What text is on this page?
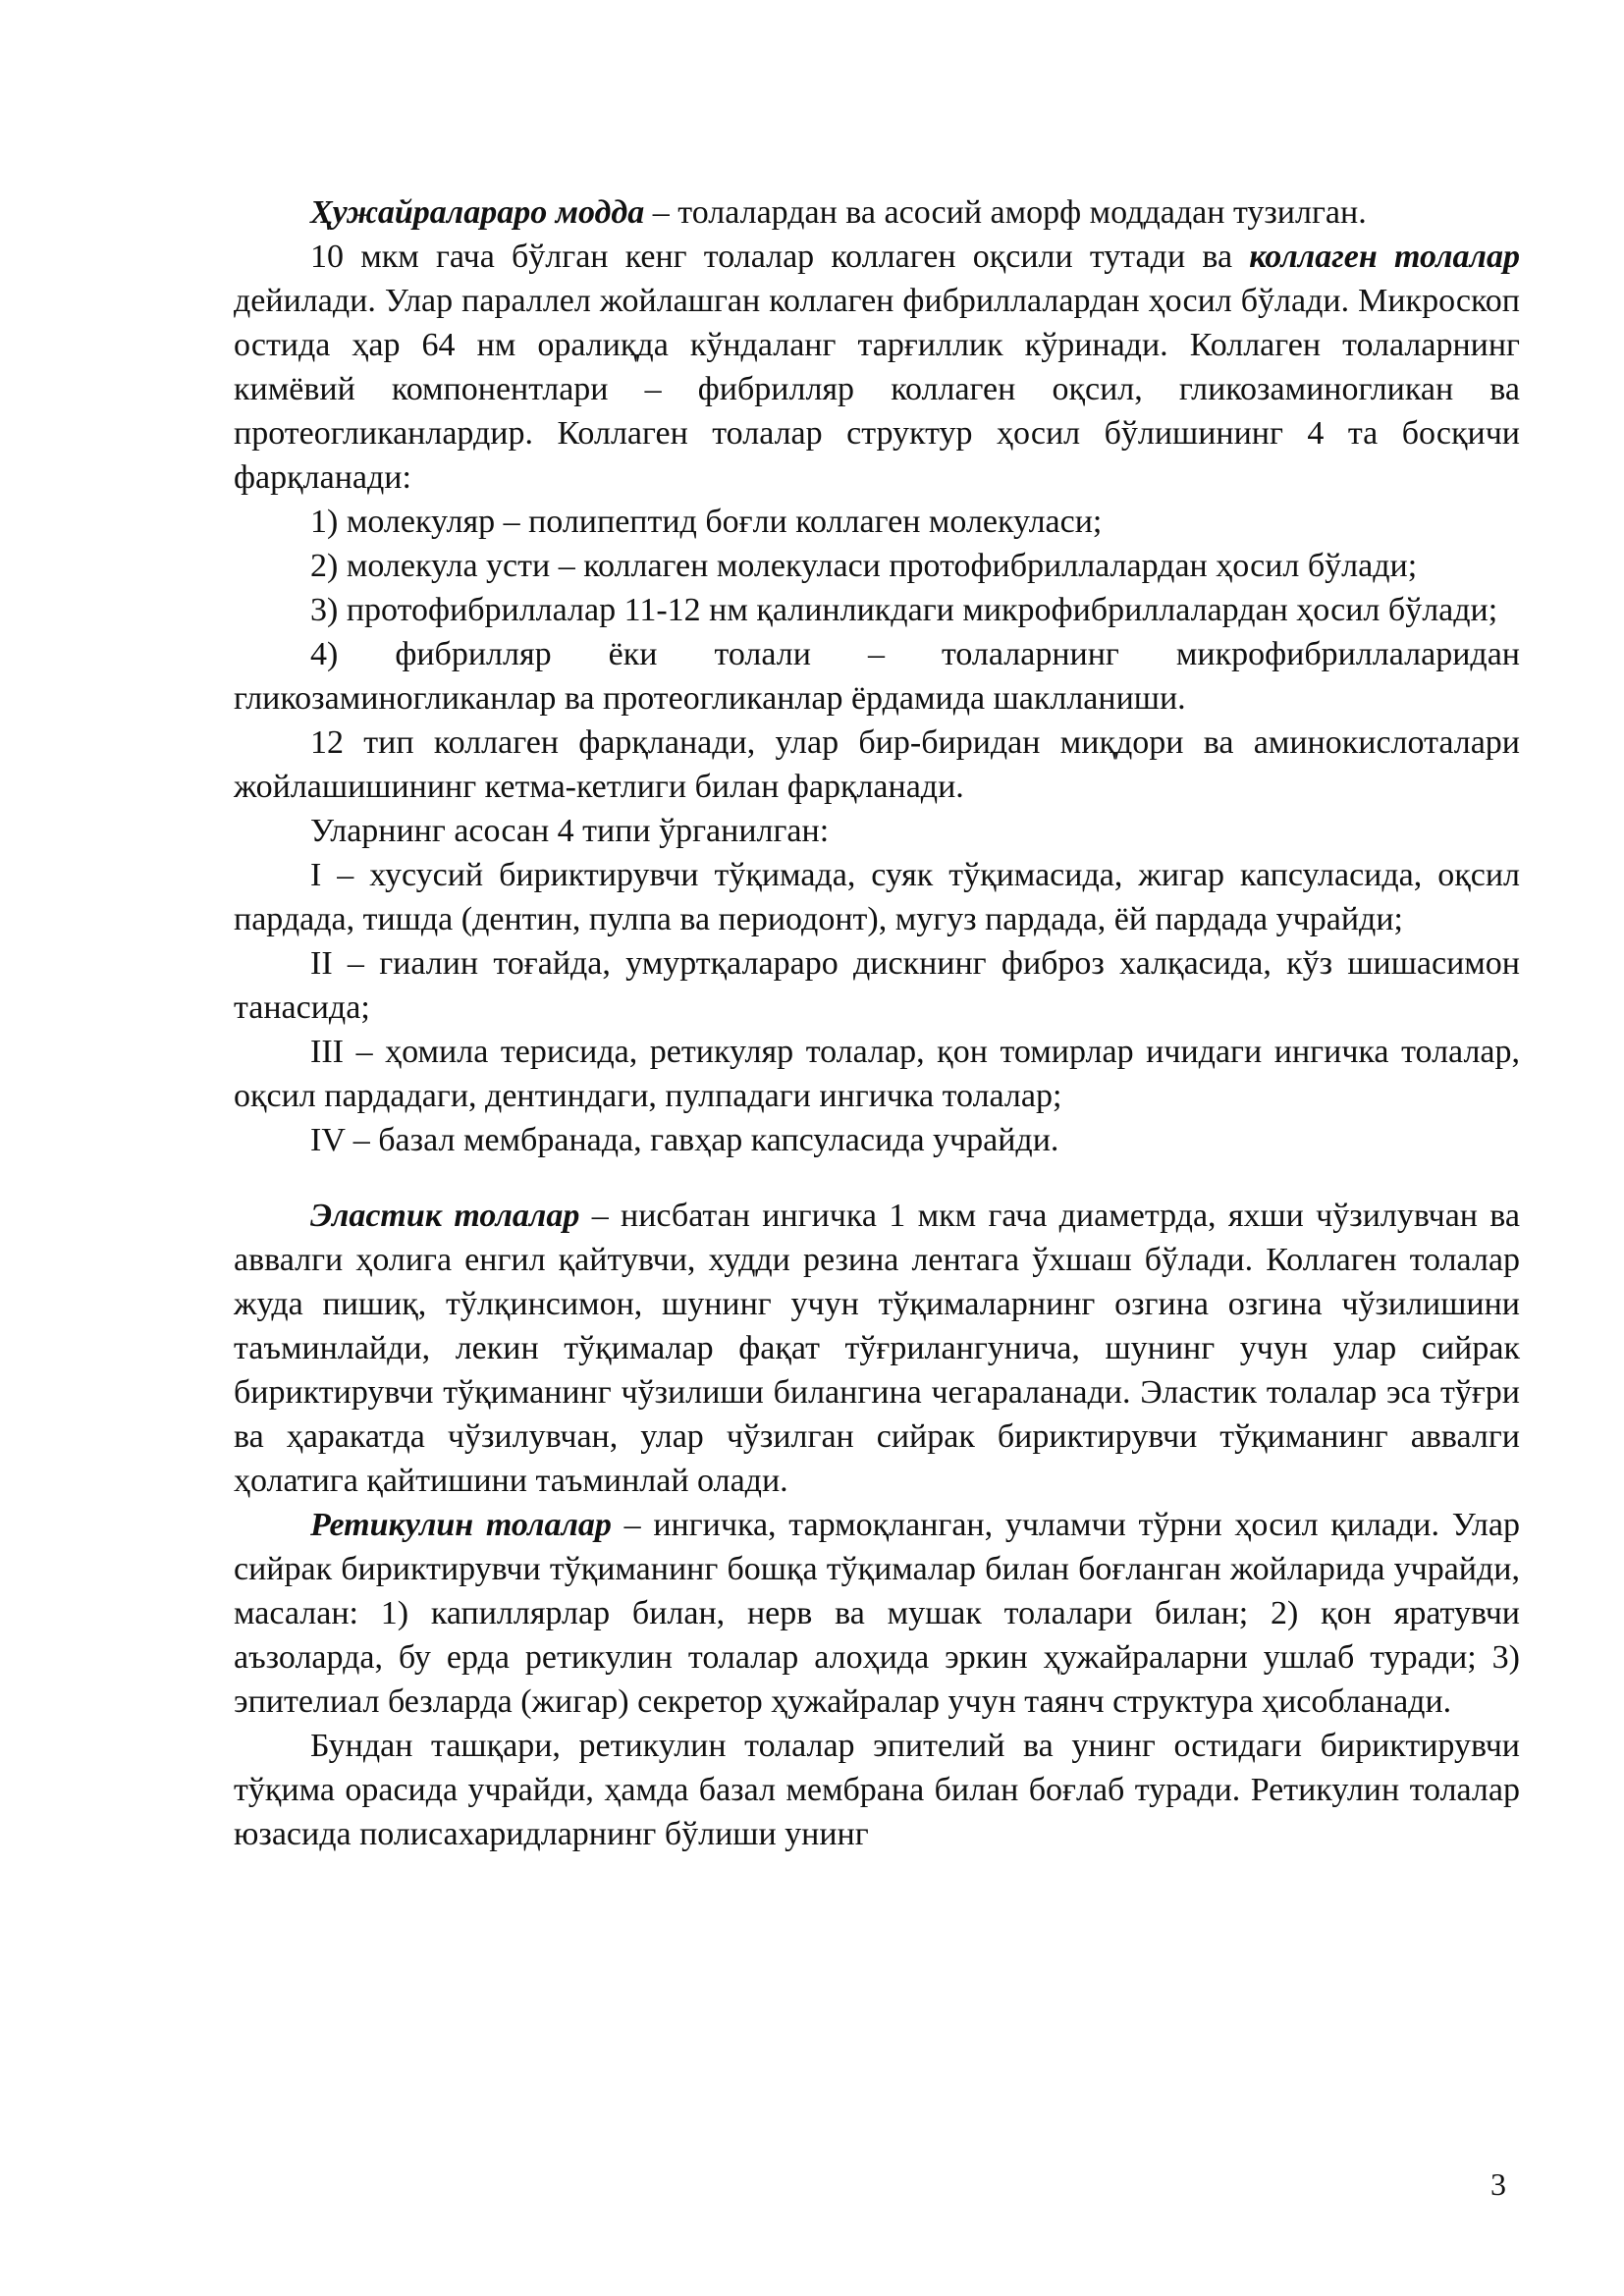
Ҳужайралараро модда – толалардан ва асосий аморф моддадан тузилган.

10 мкм гача бўлган кенг толалар коллаген оқсили тутади ва коллаген толалар дейилади. Улар параллел жойлашган коллаген фибриллалардан ҳосил бўлади. Микроскоп остида ҳар 64 нм оралиқда кўндаланг тарғиллик кўринади. Коллаген толаларнинг кимёвий компонентлари – фибрилляр коллаген оқсил, гликозаминогликан ва протеогликанлардир. Коллаген толалар структур ҳосил бўлишининг 4 та босқичи фарқланади:

1) молекуляр – полипептид боғли коллаген молекуласи;

2) молекула усти – коллаген молекуласи протофибриллалардан ҳосил бўлади;

3) протофибриллалар 11-12 нм қалинликдаги микрофибриллалардан ҳосил бўлади;

4) фибрилляр ёки толали – толаларнинг микрофибриллаларидан гликозаминогликанлар ва протеогликанлар ёрдамида шаклланиши.

12 тип коллаген фарқланади, улар бир-биридан миқдори ва аминокислоталари жойлашишининг кетма-кетлиги билан фарқланади.

Уларнинг асосан 4 типи ўрганилган:

I – хусусий бириктирувчи тўқимада, суяк тўқимасида, жигар капсуласида, оқсил пардада, тишда (дентин, пулпа ва периодонт), мугуз пардада, ёй пардада учрайди;

II – гиалин тоғайда, умуртқалараро дискнинг фиброз халқасида, кўз шишасимон танасида;

III – ҳомила терисида, ретикуляр толалар, қон томирлар ичидаги ингичка толалар, оқсил пардадаги, дентиндаги, пулпадаги ингичка толалар;

IV – базал мембранада, гавҳар капсуласида учрайди.

Эластик толалар – нисбатан ингичка 1 мкм гача диаметрда, яхши чўзилувчан ва аввалги ҳолига енгил қайтувчи, худди резина лентага ўхшаш бўлади. Коллаген толалар жуда пишиқ, тўлқинсимон, шунинг учун тўқималарнинг озгина озгина чўзилишини таъминлайди, лекин тўқималар фақат тўғрилангунича, шунинг учун улар сийрак бириктирувчи тўқиманинг чўзилиши билангина чегараланади. Эластик толалар эса тўғри ва ҳаракатда чўзилувчан, улар чўзилган сийрак бириктирувчи тўқиманинг аввалги ҳолатига қайтишини таъминлай олади.

Ретикулин толалар – ингичка, тармоқланган, учламчи тўрни ҳосил қилади. Улар сийрак бириктирувчи тўқиманинг бошқа тўқималар билан боғланган жойларида учрайди, масалан: 1) капиллярлар билан, нерв ва мушак толалари билан; 2) қон яратувчи аъзоларда, бу ерда ретикулин толалар алоҳида эркин ҳужайраларни ушлаб туради; 3) эпителиал безларда (жигар) секретор ҳужайралар учун таянч структура ҳисобланади.

Бундан ташқари, ретикулин толалар эпителий ва унинг остидаги бириктирувчи тўқима орасида учрайди, ҳамда базал мембрана билан боғлаб туради. Ретикулин толалар юзасида полисахаридларнинг бўлиши унинг

3
